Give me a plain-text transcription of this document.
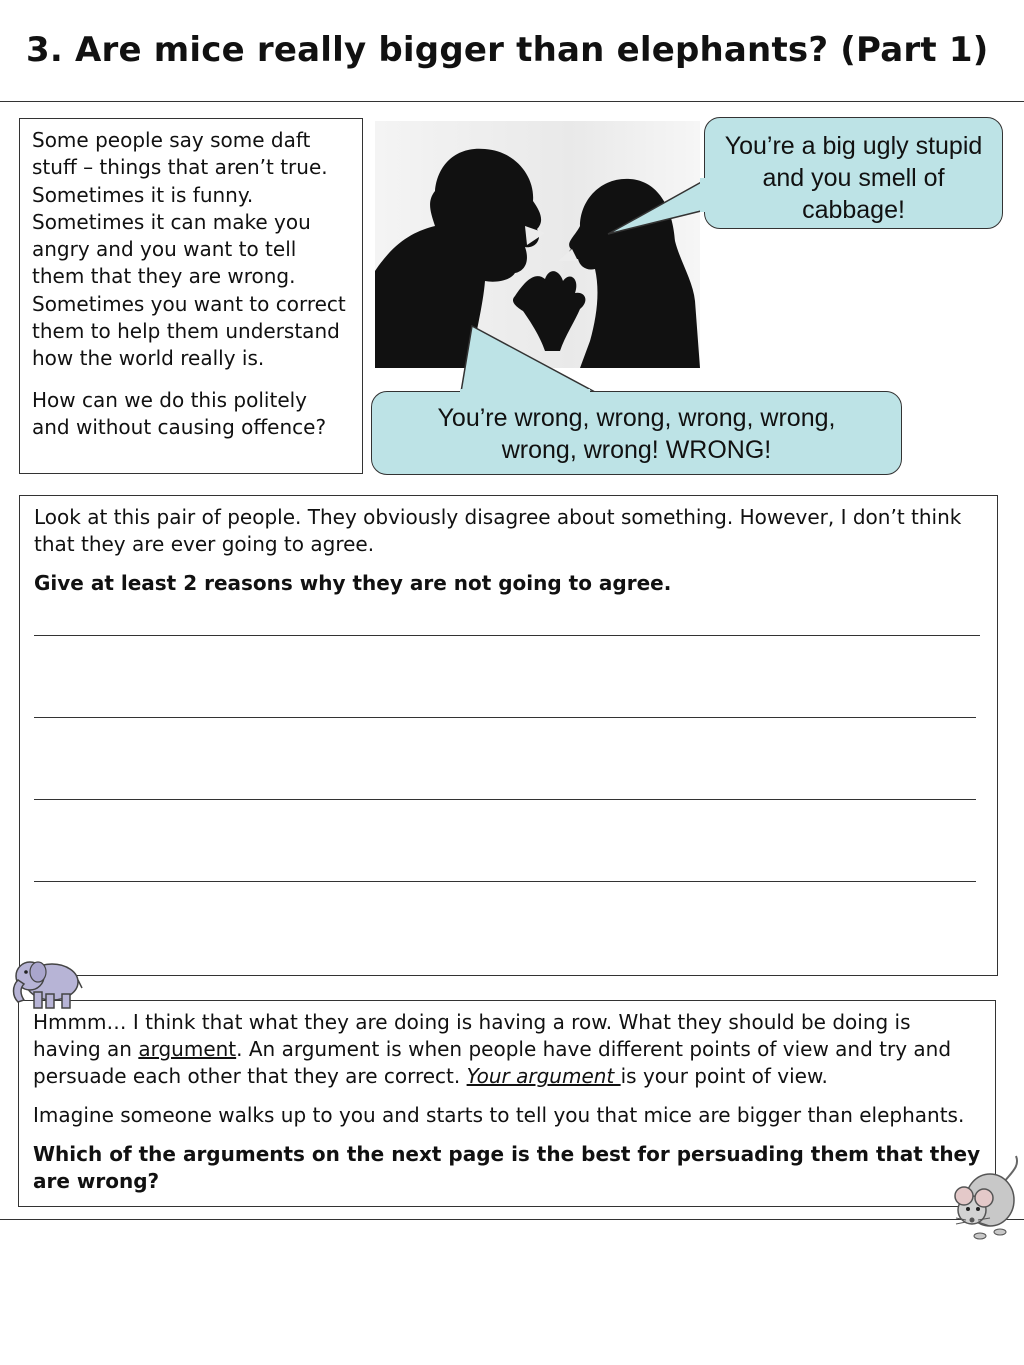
3. Are mice really bigger than elephants? (Part 1)

Some people say some daft stuff – things that aren’t true. Sometimes it is funny. Sometimes it can make you angry and you want to tell them that they are wrong. Sometimes you want to correct them to help them understand how the world really is.

How can we do this politely and without causing offence?

You’re a big ugly stupid and you smell of cabbage!
You’re wrong, wrong, wrong, wrong, wrong, wrong! WRONG!

Look at this pair of people. They obviously disagree about something. However, I don’t think that they are ever going to agree.

Give at least 2 reasons why they are not going to agree.

Hmmm… I think that what they are doing is having a row. What they should be doing is having an argument. An argument is when people have different points of view and try and persuade each other that they are correct. Your argument is your point of view.

Imagine someone walks up to you and starts to tell you that mice are bigger than elephants.

Which of the arguments on the next page is the best for persuading them that they are wrong?
